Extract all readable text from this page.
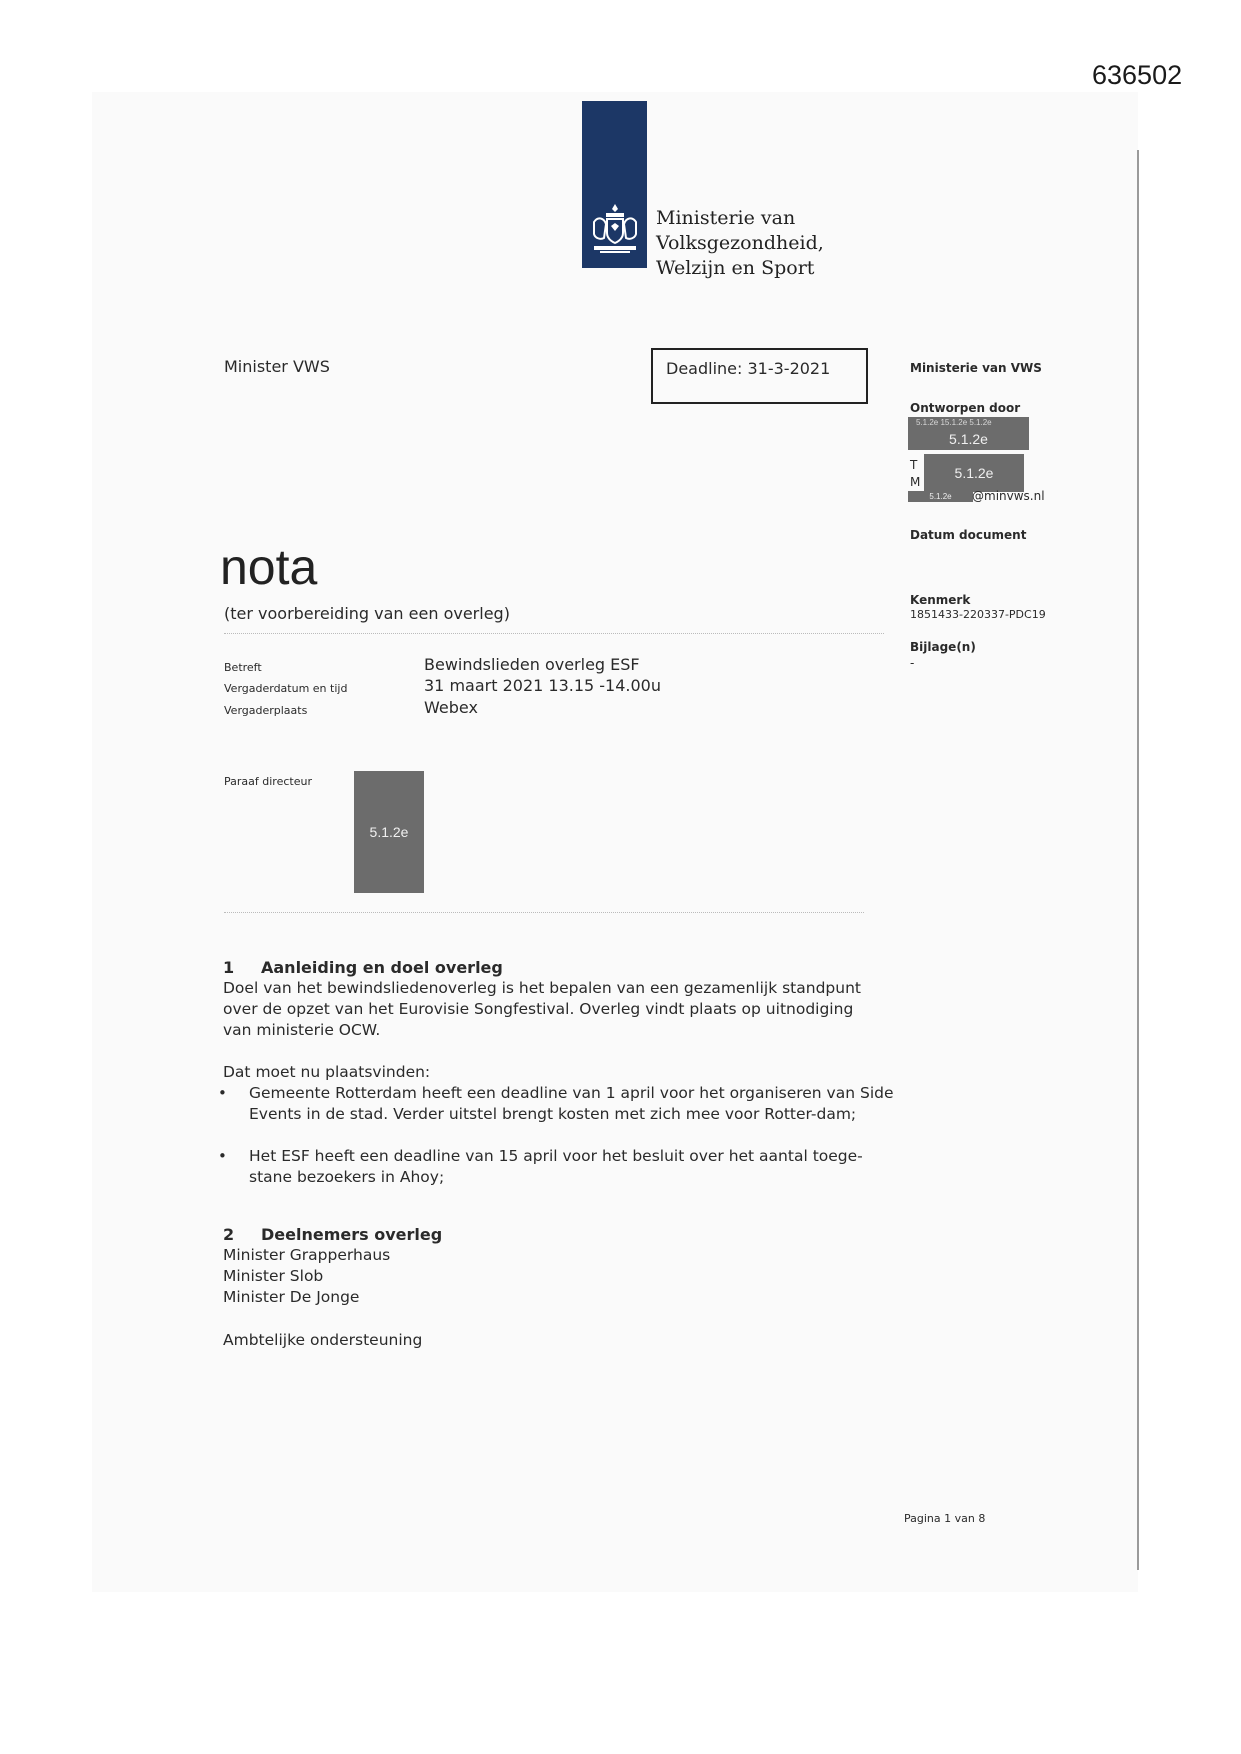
636502
Ministerie van Volksgezondheid,
Welzijn en Sport
Minister VWS	Deadline: 31-3-2021	Ministerie van VWS
Ontworpen door
5.1.2e
5.1.2e 15.1.2e 5.1.2e
T
M
5.1.2e
5.1.2e @minvws.nl
Datum document
Kenmerk
1851433-220337-PDC19
Bijlage(n)
-
nota
(ter voorbereiding van een overleg)
Betreft	Bewindslieden overleg ESF
Vergaderdatum en tijd	31 maart 2021 13.15 -14.00u
Vergaderplaats	Webex
Paraaf directeur
5.1.2e
1 Aanleiding en doel overleg
Doel van het bewindsliedenoverleg is het bepalen van een gezamenlijk standpunt over de opzet van het Eurovisie Songfestival. Overleg vindt plaats op uitnodiging van ministerie OCW.
Dat moet nu plaatsvinden:
• Gemeente Rotterdam heeft een deadline van 1 april voor het organiseren van Side Events in de stad. Verder uitstel brengt kosten met zich mee voor Rotter-dam;
• Het ESF heeft een deadline van 15 april voor het besluit over het aantal toege-stane bezoekers in Ahoy;
2 Deelnemers overleg
Minister Grapperhaus
Minister Slob
Minister De Jonge
Ambtelijke ondersteuning
Pagina 1 van 8
